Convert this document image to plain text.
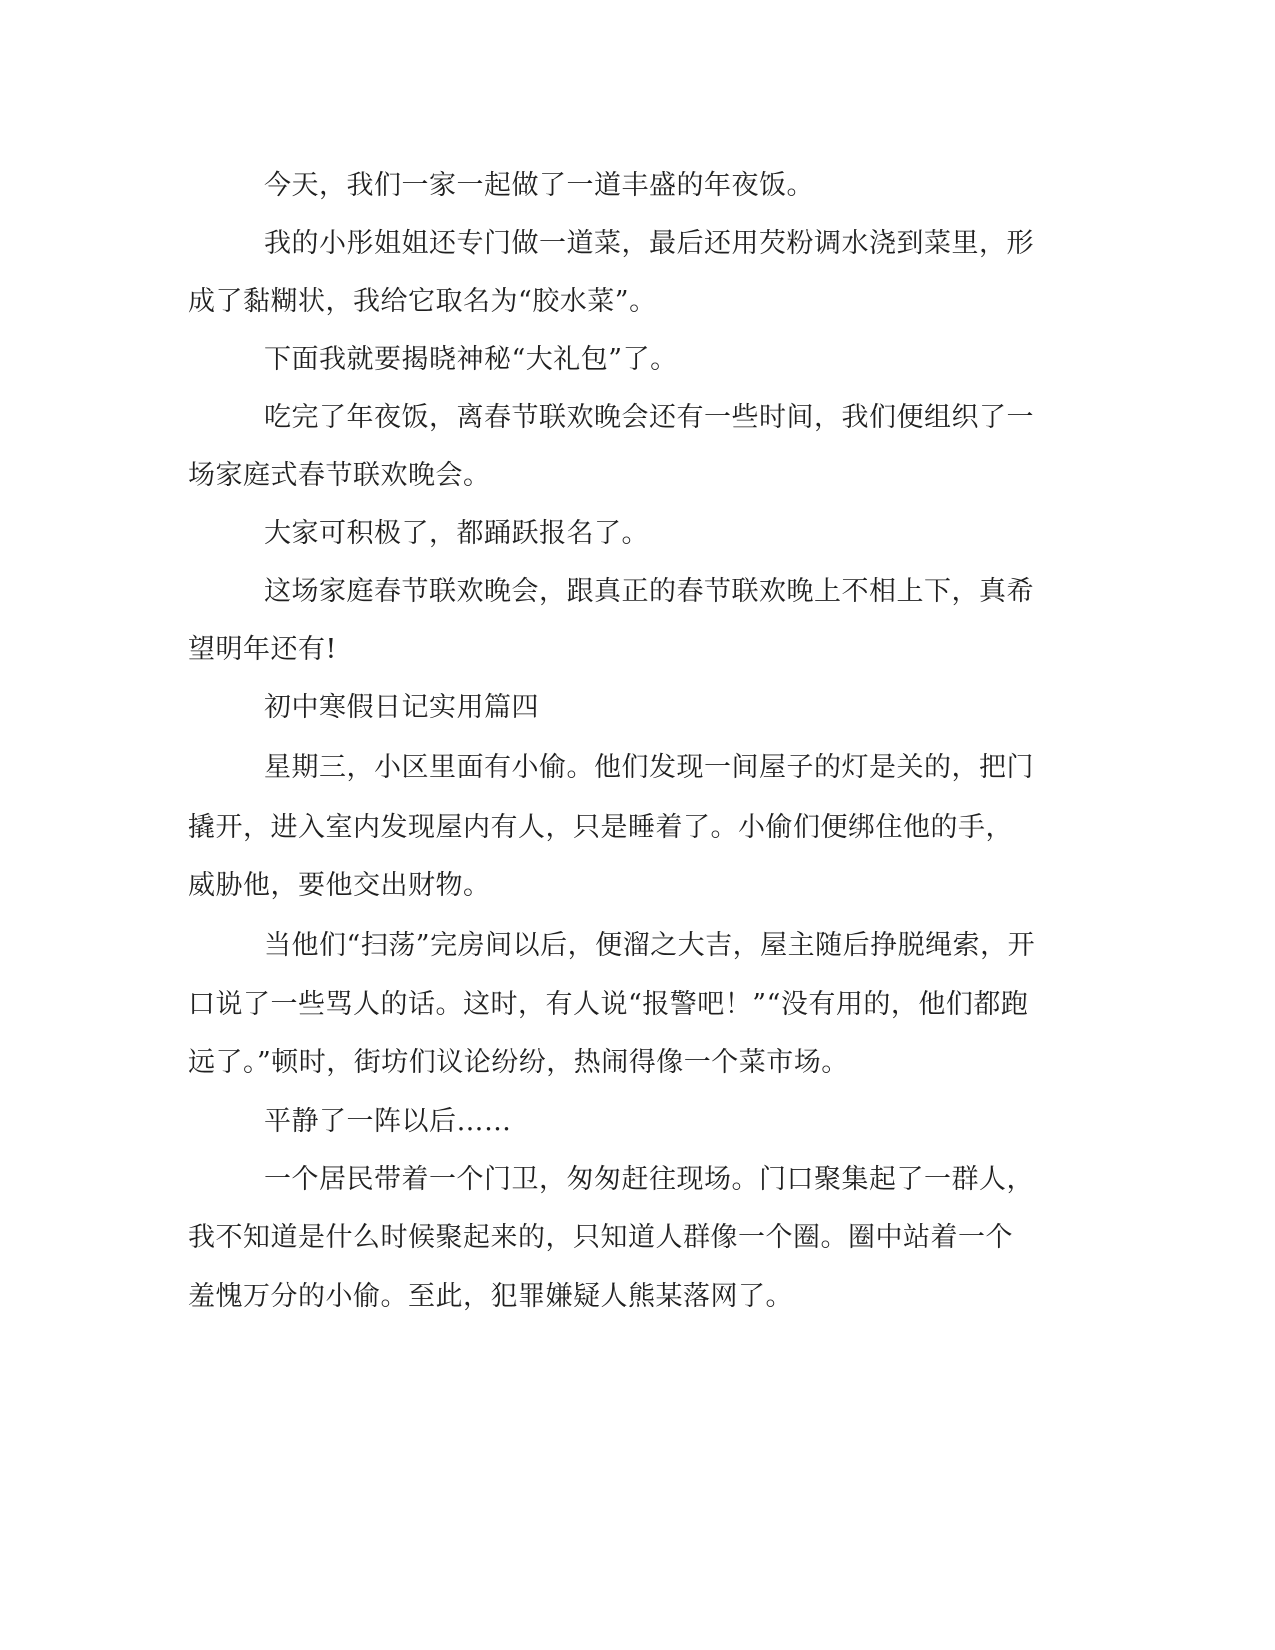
今天，我们一家一起做了一道丰盛的年夜饭。

我的小彤姐姐还专门做一道菜，最后还用芡粉调水浇到菜里，形

成了黏糊状，我给它取名为“胶水菜”。

下面我就要揭晓神秘“大礼包”了。

吃完了年夜饭，离春节联欢晚会还有一些时间，我们便组织了一

场家庭式春节联欢晚会。

大家可积极了，都踊跃报名了。

这场家庭春节联欢晚会，跟真正的春节联欢晚上不相上下，真希

望明年还有!

初中寒假日记实用篇四

星期三，小区里面有小偷。他们发现一间屋子的灯是关的，把门

撬开，进入室内发现屋内有人，只是睡着了。小偷们便绑住他的手，

威胁他，要他交出财物。

当他们“扫荡”完房间以后，便溜之大吉，屋主随后挣脱绳索，开

口说了一些骂人的话。这时，有人说“报警吧！”“没有用的，他们都跑

远了。”顿时，街坊们议论纷纷，热闹得像一个菜市场。

平静了一阵以后……

一个居民带着一个门卫，匆匆赶往现场。门口聚集起了一群人，

我不知道是什么时候聚起来的，只知道人群像一个圈。圈中站着一个

羞愧万分的小偷。至此，犯罪嫌疑人熊某落网了。
